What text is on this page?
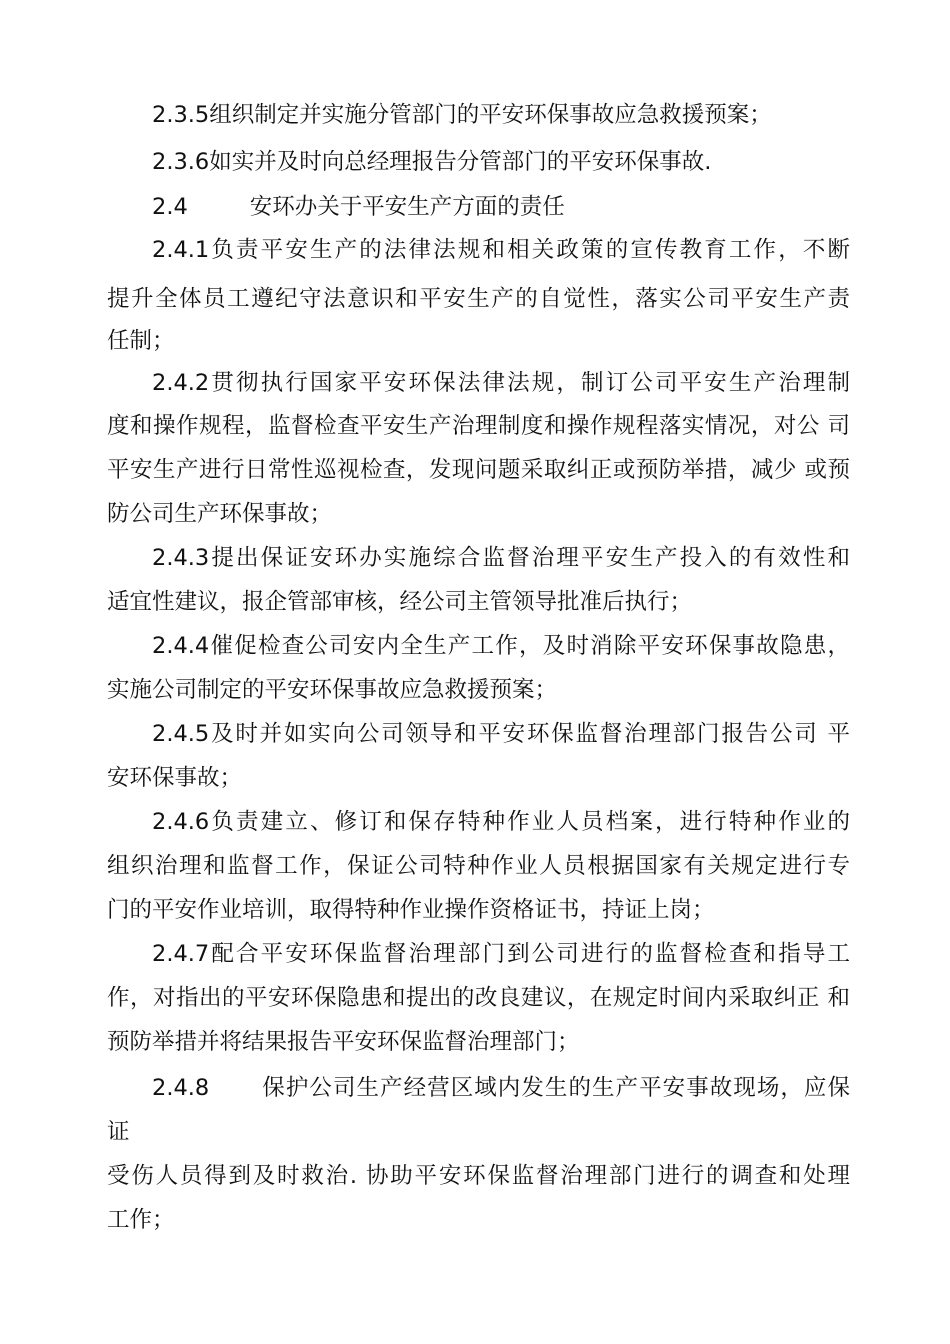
2.3.5组织制定并实施分管部门的平安环保事故应急救援预案；
2.3.6如实并及时向总经理报告分管部门的平安环保事故.
2.4	安环办关于平安生产方面的责任
2.4.1负责平安生产的法律法规和相关政策的宣传教育工作，不断
提升全体员工遵纪守法意识和平安生产的自觉性，落实公司平安生产责
任制；
2.4.2贯彻执行国家平安环保法律法规，制订公司平安生产治理制
度和操作规程，监督检查平安生产治理制度和操作规程落实情况，对公 司
平安生产进行日常性巡视检查，发现问题采取纠正或预防举措，减少 或预
防公司生产环保事故；
2.4.3提出保证安环办实施综合监督治理平安生产投入的有效性和
适宜性建议，报企管部审核，经公司主管领导批准后执行；
2.4.4催促检查公司安内全生产工作，及时消除平安环保事故隐患，
实施公司制定的平安环保事故应急救援预案；
2.4.5及时并如实向公司领导和平安环保监督治理部门报告公司 平
安环保事故；
2.4.6负责建立、修订和保存特种作业人员档案，进行特种作业的
组织治理和监督工作，保证公司特种作业人员根据国家有关规定进行专
门的平安作业培训，取得特种作业操作资格证书，持证上岗；
2.4.7配合平安环保监督治理部门到公司进行的监督检查和指导工
作，对指出的平安环保隐患和提出的改良建议，在规定时间内采取纠正 和
预防举措并将结果报告平安环保监督治理部门；
2.4.8 保护公司生产经营区域内发生的生产平安事故现场，应保
证
受伤人员得到及时救治. 协助平安环保监督治理部门进行的调查和处理
工作；
